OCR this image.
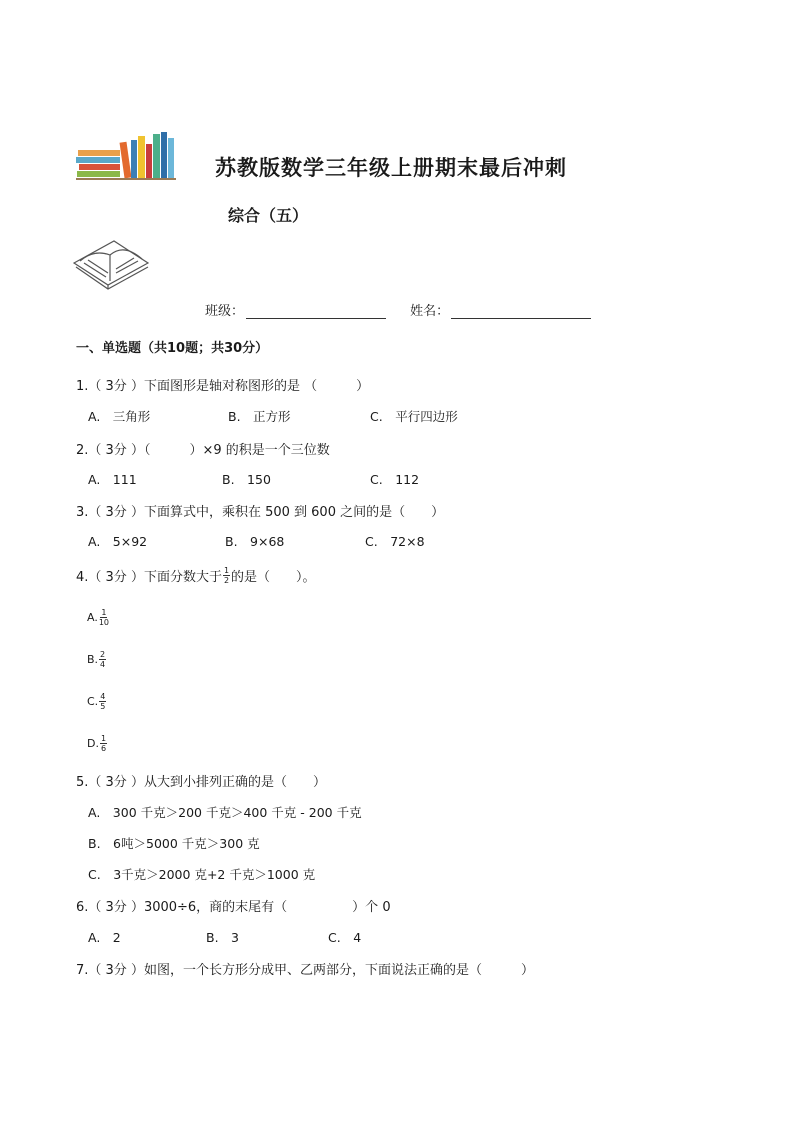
苏教版数学三年级上册期末最后冲刺
综合（五）
班级：	姓名：
一、单选题（共10题；共30分）
1.（ 3分 ）下面图形是轴对称图形的是 （　　　）
A.　三角形	B.　正方形	C.　平行四边形
2.（ 3分 ）（　　　）×9 的积是一个三位数
A.　111	B.　150	C.　112
3.（ 3分 ）下面算式中，乘积在 500 到 600 之间的是（　　）
A.　5×92	B.　9×68	C.　72×8
4.（ 3分 ）下面分数大于 $\frac{1}{2}$ 的是（　　）。
A. $\frac{1}{10}$
B. $\frac{2}{4}$
C. $\frac{4}{5}$
D. $\frac{1}{6}$
5.（ 3分 ）从大到小排列正确的是（　　）
A.　300 千克＞200 千克＞400 千克 - 200 千克
B.　6吨＞5000 千克＞300 克
C.　3千克＞2000 克+2 千克＞1000 克
6.（ 3分 ）3000÷6，商的末尾有（　　　　　）个 0
A.　2	B.　3	C.　4
7.（ 3分 ）如图，一个长方形分成甲、乙两部分，下面说法正确的是（　　　）
